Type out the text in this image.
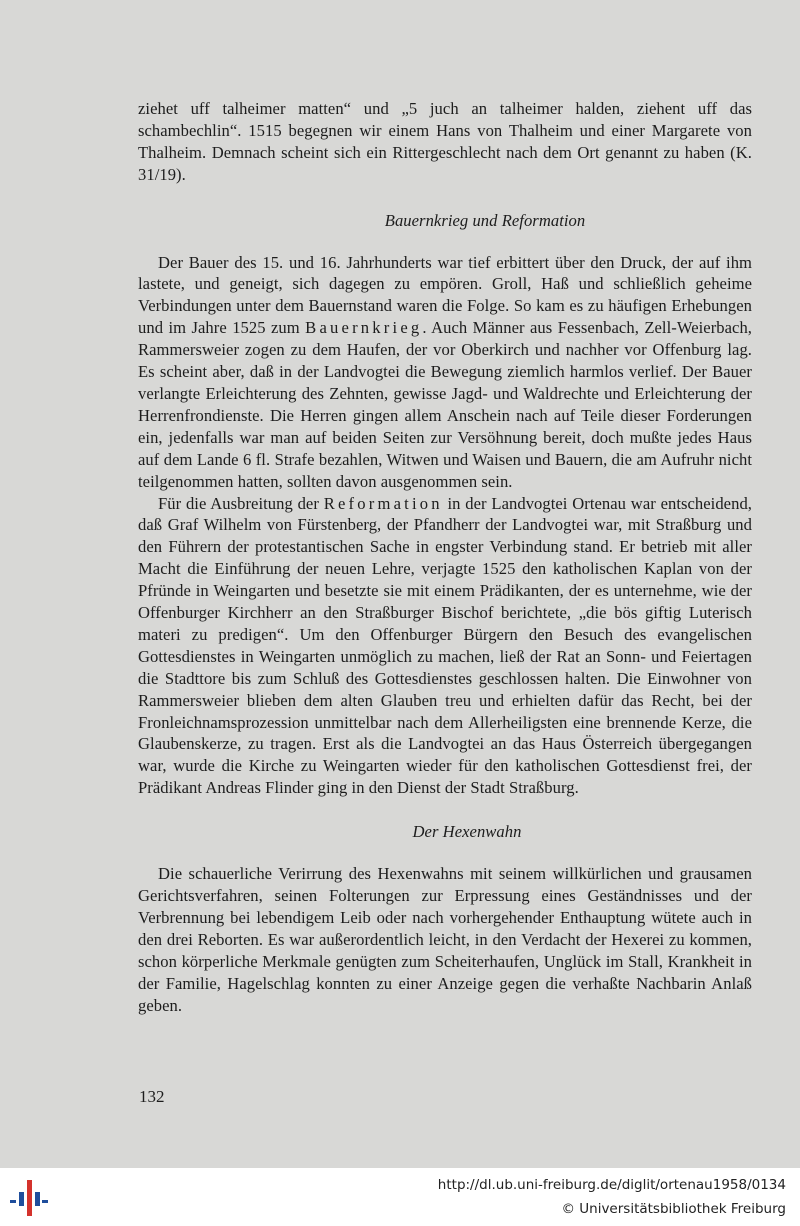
ziehet uff talheimer matten“ und „5 juch an talheimer halden, ziehent uff das schambechlin“. 1515 begegnen wir einem Hans von Thalheim und einer Margarete von Thalheim. Demnach scheint sich ein Rittergeschlecht nach dem Ort genannt zu haben (K. 31/19).

Bauernkrieg und Reformation

Der Bauer des 15. und 16. Jahrhunderts war tief erbittert über den Druck, der auf ihm lastete, und geneigt, sich dagegen zu empören. Groll, Haß und schließlich geheime Verbindungen unter dem Bauernstand waren die Folge. So kam es zu häufigen Erhebungen und im Jahre 1525 zum Bauernkrieg. Auch Männer aus Fessenbach, Zell-Weierbach, Rammersweier zogen zu dem Haufen, der vor Oberkirch und nachher vor Offenburg lag. Es scheint aber, daß in der Landvogtei die Bewegung ziemlich harmlos verlief. Der Bauer verlangte Erleichterung des Zehnten, gewisse Jagd- und Waldrechte und Erleichterung der Herrenfrondienste. Die Herren gingen allem Anschein nach auf Teile dieser Forderungen ein, jedenfalls war man auf beiden Seiten zur Versöhnung bereit, doch mußte jedes Haus auf dem Lande 6 fl. Strafe bezahlen, Witwen und Waisen und Bauern, die am Aufruhr nicht teilgenommen hatten, sollten davon ausgenommen sein.

Für die Ausbreitung der Reformation in der Landvogtei Ortenau war entscheidend, daß Graf Wilhelm von Fürstenberg, der Pfandherr der Landvogtei war, mit Straßburg und den Führern der protestantischen Sache in engster Verbindung stand. Er betrieb mit aller Macht die Einführung der neuen Lehre, verjagte 1525 den katholischen Kaplan von der Pfründe in Weingarten und besetzte sie mit einem Prädikanten, der es unternehme, wie der Offenburger Kirchherr an den Straßburger Bischof berichtete, „die bös giftig Luterisch materi zu predigen“. Um den Offenburger Bürgern den Besuch des evangelischen Gottesdienstes in Weingarten unmöglich zu machen, ließ der Rat an Sonn- und Feiertagen die Stadttore bis zum Schluß des Gottesdienstes geschlossen halten. Die Einwohner von Rammersweier blieben dem alten Glauben treu und erhielten dafür das Recht, bei der Fronleichnamsprozession unmittelbar nach dem Allerheiligsten eine brennende Kerze, die Glaubenskerze, zu tragen. Erst als die Landvogtei an das Haus Österreich übergegangen war, wurde die Kirche zu Weingarten wieder für den katholischen Gottesdienst frei, der Prädikant Andreas Flinder ging in den Dienst der Stadt Straßburg.

Der Hexenwahn

Die schauerliche Verirrung des Hexenwahns mit seinem willkürlichen und grausamen Gerichtsverfahren, seinen Folterungen zur Erpressung eines Geständnisses und der Verbrennung bei lebendigem Leib oder nach vorhergehender Enthauptung wütete auch in den drei Reborten. Es war außerordentlich leicht, in den Verdacht der Hexerei zu kommen, schon körperliche Merkmale genügten zum Scheiterhaufen, Unglück im Stall, Krankheit in der Familie, Hagelschlag konnten zu einer Anzeige gegen die verhaßte Nachbarin Anlaß geben.

132
http://dl.ub.uni-freiburg.de/diglit/ortenau1958/0134
© Universitätsbibliothek Freiburg
